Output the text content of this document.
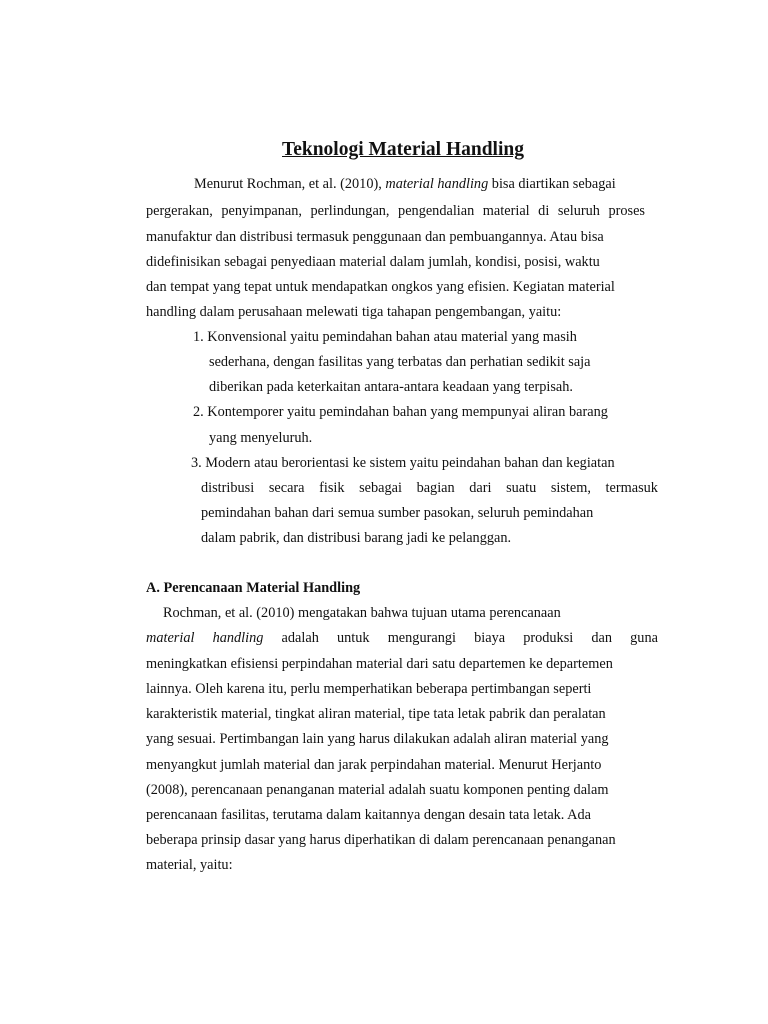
Teknologi Material Handling
Menurut Rochman, et al. (2010), material handling bisa diartikan sebagai
pergerakan, penyimpanan, perlindungan, pengendalian material di seluruh proses
manufaktur dan distribusi termasuk penggunaan dan pembuangannya. Atau bisa
didefinisikan sebagai penyediaan material dalam jumlah, kondisi, posisi, waktu
dan tempat yang tepat untuk mendapatkan ongkos yang efisien. Kegiatan material
handling dalam perusahaan melewati tiga tahapan pengembangan, yaitu:
1. Konvensional yaitu pemindahan bahan atau material yang masih
sederhana, dengan fasilitas yang terbatas dan perhatian sedikit saja
diberikan pada keterkaitan antara-antara keadaan yang terpisah.
2. Kontemporer yaitu pemindahan bahan yang mempunyai aliran barang
yang menyeluruh.
3. Modern atau berorientasi ke sistem yaitu peindahan bahan dan kegiatan
distribusi secara fisik sebagai bagian dari suatu sistem, termasuk
pemindahan bahan dari semua sumber pasokan, seluruh pemindahan
dalam pabrik, dan distribusi barang jadi ke pelanggan.
A. Perencanaan Material Handling
Rochman, et al. (2010) mengatakan bahwa tujuan utama perencanaan
material handling adalah untuk mengurangi biaya produksi dan guna
meningkatkan efisiensi perpindahan material dari satu departemen ke departemen
lainnya. Oleh karena itu, perlu memperhatikan beberapa pertimbangan seperti
karakteristik material, tingkat aliran material, tipe tata letak pabrik dan peralatan
yang sesuai. Pertimbangan lain yang harus dilakukan adalah aliran material yang
menyangkut jumlah material dan jarak perpindahan material. Menurut Herjanto
(2008), perencanaan penanganan material adalah suatu komponen penting dalam
perencanaan fasilitas, terutama dalam kaitannya dengan desain tata letak. Ada
beberapa prinsip dasar yang harus diperhatikan di dalam perencanaan penanganan
material, yaitu:
